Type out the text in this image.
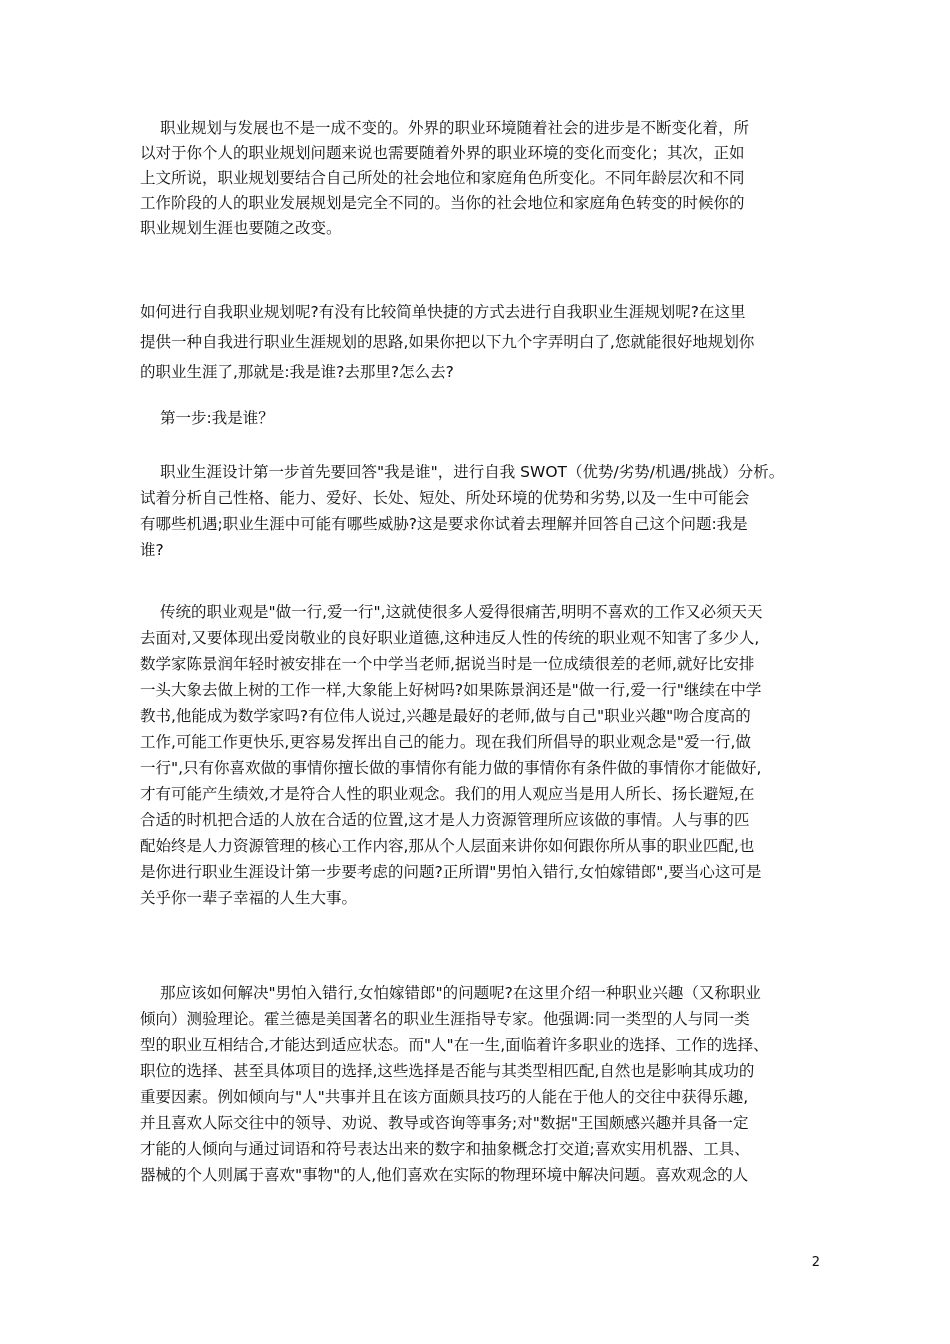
职业规划与发展也不是一成不变的。外界的职业环境随着社会的进步是不断变化着，所
以对于你个人的职业规划问题来说也需要随着外界的职业环境的变化而变化；其次，正如
上文所说，职业规划要结合自己所处的社会地位和家庭角色所变化。不同年龄层次和不同
工作阶段的人的职业发展规划是完全不同的。当你的社会地位和家庭角色转变的时候你的
职业规划生涯也要随之改变。
如何进行自我职业规划呢?有没有比较简单快捷的方式去进行自我职业生涯规划呢?在这里
提供一种自我进行职业生涯规划的思路,如果你把以下九个字弄明白了,您就能很好地规划你
的职业生涯了,那就是:我是谁?去那里?怎么去?
第一步:我是谁？
职业生涯设计第一步首先要回答"我是谁"，进行自我 SWOT（优势/劣势/机遇/挑战）分析。
试着分析自己性格、能力、爱好、长处、短处、所处环境的优势和劣势,以及一生中可能会
有哪些机遇;职业生涯中可能有哪些威胁?这是要求你试着去理解并回答自己这个问题:我是
谁?
传统的职业观是"做一行,爱一行",这就使很多人爱得很痛苦,明明不喜欢的工作又必须天天
去面对,又要体现出爱岗敬业的良好职业道德,这种违反人性的传统的职业观不知害了多少人,
数学家陈景润年轻时被安排在一个中学当老师,据说当时是一位成绩很差的老师,就好比安排
一头大象去做上树的工作一样,大象能上好树吗?如果陈景润还是"做一行,爱一行"继续在中学
教书,他能成为数学家吗?有位伟人说过,兴趣是最好的老师,做与自己"职业兴趣"吻合度高的
工作,可能工作更快乐,更容易发挥出自己的能力。现在我们所倡导的职业观念是"爱一行,做
一行",只有你喜欢做的事情你擅长做的事情你有能力做的事情你有条件做的事情你才能做好,
才有可能产生绩效,才是符合人性的职业观念。我们的用人观应当是用人所长、扬长避短,在
合适的时机把合适的人放在合适的位置,这才是人力资源管理所应该做的事情。人与事的匹
配始终是人力资源管理的核心工作内容,那从个人层面来讲你如何跟你所从事的职业匹配,也
是你进行职业生涯设计第一步要考虑的问题?正所谓"男怕入错行,女怕嫁错郎",要当心这可是
关乎你一辈子幸福的人生大事。
那应该如何解决"男怕入错行,女怕嫁错郎"的问题呢?在这里介绍一种职业兴趣（又称职业
倾向）测验理论。霍兰德是美国著名的职业生涯指导专家。他强调:同一类型的人与同一类
型的职业互相结合,才能达到适应状态。而"人"在一生,面临着许多职业的选择、工作的选择、
职位的选择、甚至具体项目的选择,这些选择是否能与其类型相匹配,自然也是影响其成功的
重要因素。例如倾向与"人"共事并且在该方面颇具技巧的人能在于他人的交往中获得乐趣,
并且喜欢人际交往中的领导、劝说、教导或咨询等事务;对"数据"王国颇感兴趣并具备一定
才能的人倾向与通过词语和符号表达出来的数字和抽象概念打交道;喜欢实用机器、工具、
器械的个人则属于喜欢"事物"的人,他们喜欢在实际的物理环境中解决问题。喜欢观念的人
2
